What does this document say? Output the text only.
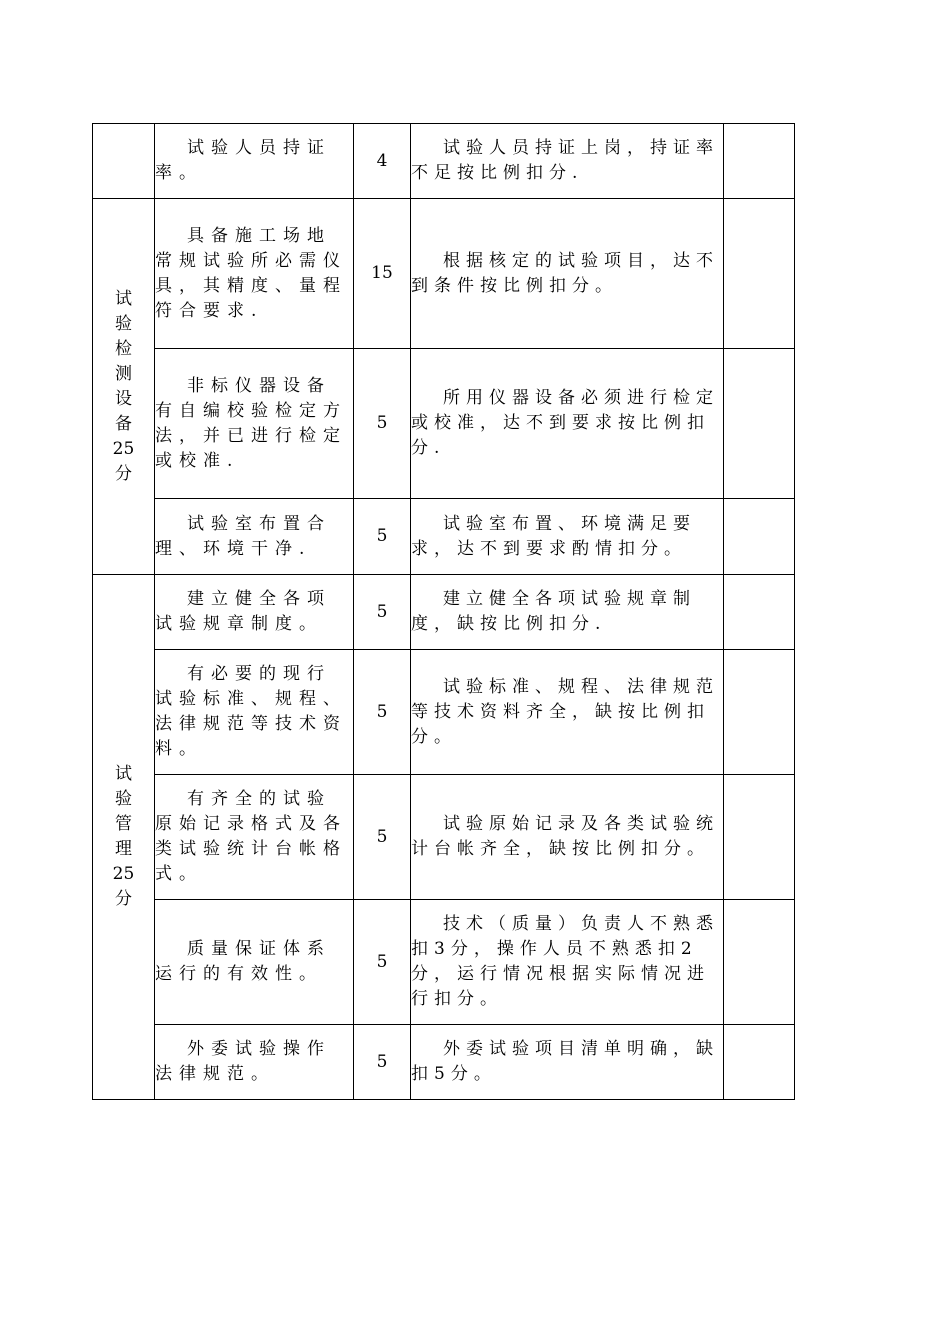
	试验人员持证率。	4	试验人员持证上岗，持证率不足按比例扣分.	

试验检测设备25分	具备施工场地常规试验所必需仪具，其精度、量程符合要求.	15	根据核定的试验项目，达不到条件按比例扣分。	

	非标仪器设备有自编校验检定方法，并已进行检定或校准.	5	所用仪器设备必须进行检定或校准，达不到要求按比例扣分.	

	试验室布置合理、环境干净.	5	试验室布置、环境满足要求，达不到要求酌情扣分。	

试验管理25分	建立健全各项试验规章制度。	5	建立健全各项试验规章制度，缺按比例扣分.	

	有必要的现行试验标准、规程、法律规范等技术资料。	5	试验标准、规程、法律规范等技术资料齐全，缺按比例扣分。	

	有齐全的试验原始记录格式及各类试验统计台帐格式。	5	试验原始记录及各类试验统计台帐齐全，缺按比例扣分。	

	质量保证体系运行的有效性。	5	技术（质量）负责人不熟悉扣3分，操作人员不熟悉扣2分，运行情况根据实际情况进行扣分。	

	外委试验操作法律规范。	5	外委试验项目清单明确，缺扣5分。	
